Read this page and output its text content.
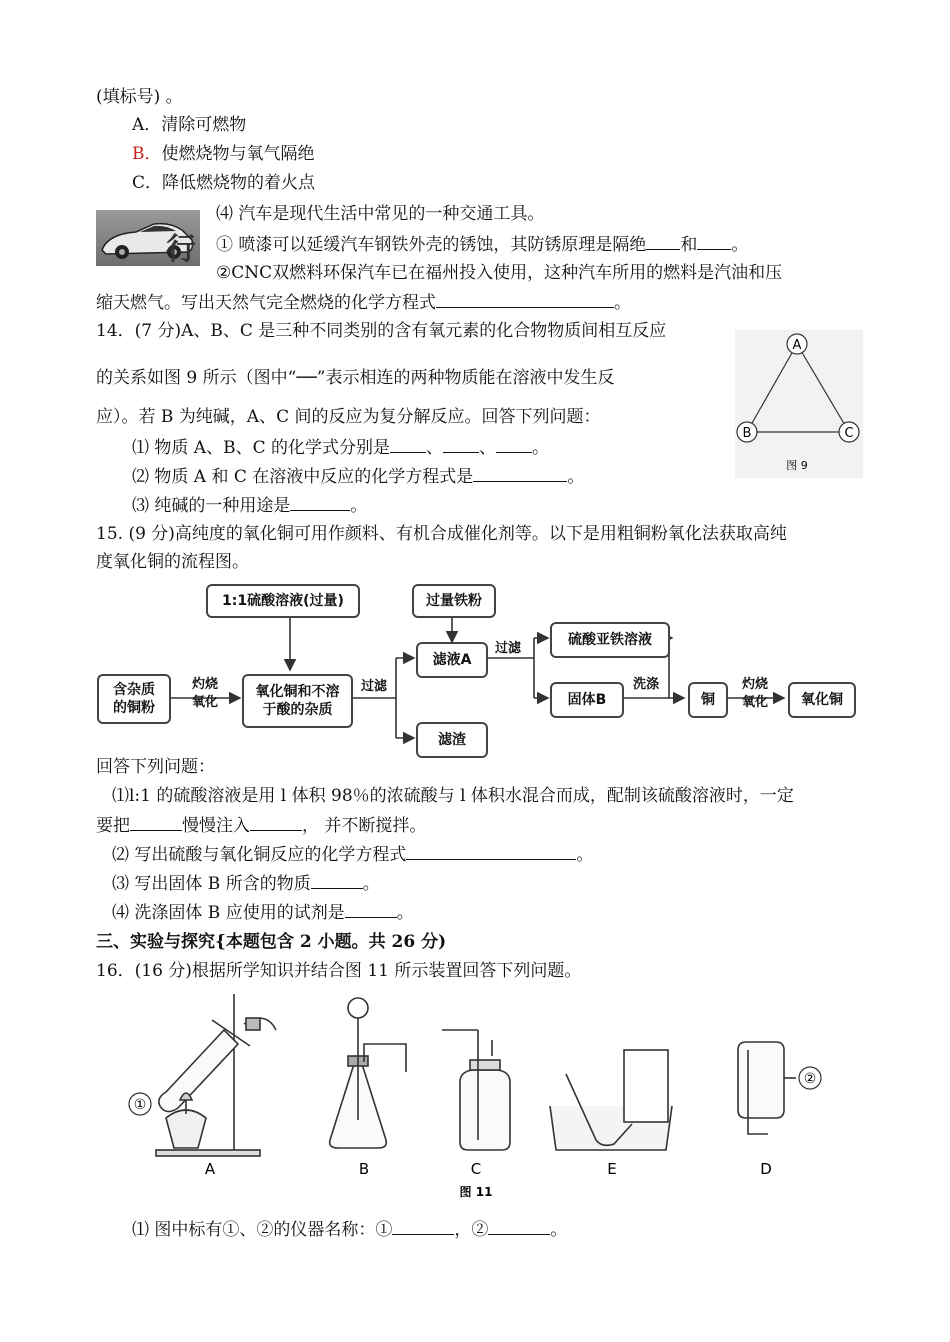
(填标号) 。
A．清除可燃物
B．使燃烧物与氧气隔绝
C．降低燃烧物的着火点
行
⑷ 汽车是现代生活中常见的一种交通工具。
① 喷漆可以延缓汽车钢铁外壳的锈蚀，其防锈原理是隔绝 和 。
②CNC双燃料环保汽车已在福州投入使用，这种汽车所用的燃料是汽油和压
缩天燃气。写出天然气完全燃烧的化学方程式	。
14．(7 分)A、B、C 是三种不同类别的含有氧元素的化合物物质间相互反应
的关系如图 9 所示（图中“──”表示相连的两种物质能在溶液中发生反
应）。若 B 为纯碱，A、C 间的反应为复分解反应。回答下列问题：
⑴ 物质 A、B、C 的化学式分别是 、 、 。
⑵ 物质 A 和 C 在溶液中反应的化学方程式是	。
⑶ 纯碱的一种用途是	。
A
B	C
图 9
15. (9 分)高纯度的氧化铜可用作颜料、有机合成催化剂等。以下是用粗铜粉氧化法获取高纯
度氧化铜的流程图。
1:1硫酸溶液(过量)	过量铁粉
含杂质
的铜粉
灼烧
氧化
氧化铜和不溶
于酸的杂质
过滤
滤液A
滤渣
过滤
硫酸亚铁溶液
固体B
洗涤
铜
灼烧
氧化	氧化铜
回答下列问题：
⑴l:1 的硫酸溶液是用 l 体积 98％的浓硫酸与 l 体积水混合而成，配制该硫酸溶液时，一定
要把	慢慢注入	， 并不断搅拌。
⑵ 写出硫酸与氧化铜反应的化学方程式	。
⑶ 写出固体 B 所含的物质	。
⑷ 洗涤固体 B 应使用的试剂是	。
三、实验与探究{本题包含 2 小题。共 26 分)
16．(16 分)根据所学知识并结合图 11 所示装置回答下列问题。
①
②
A	B	C	E	D
图 11
⑴ 图中标有①、②的仪器名称：①	，②	。
